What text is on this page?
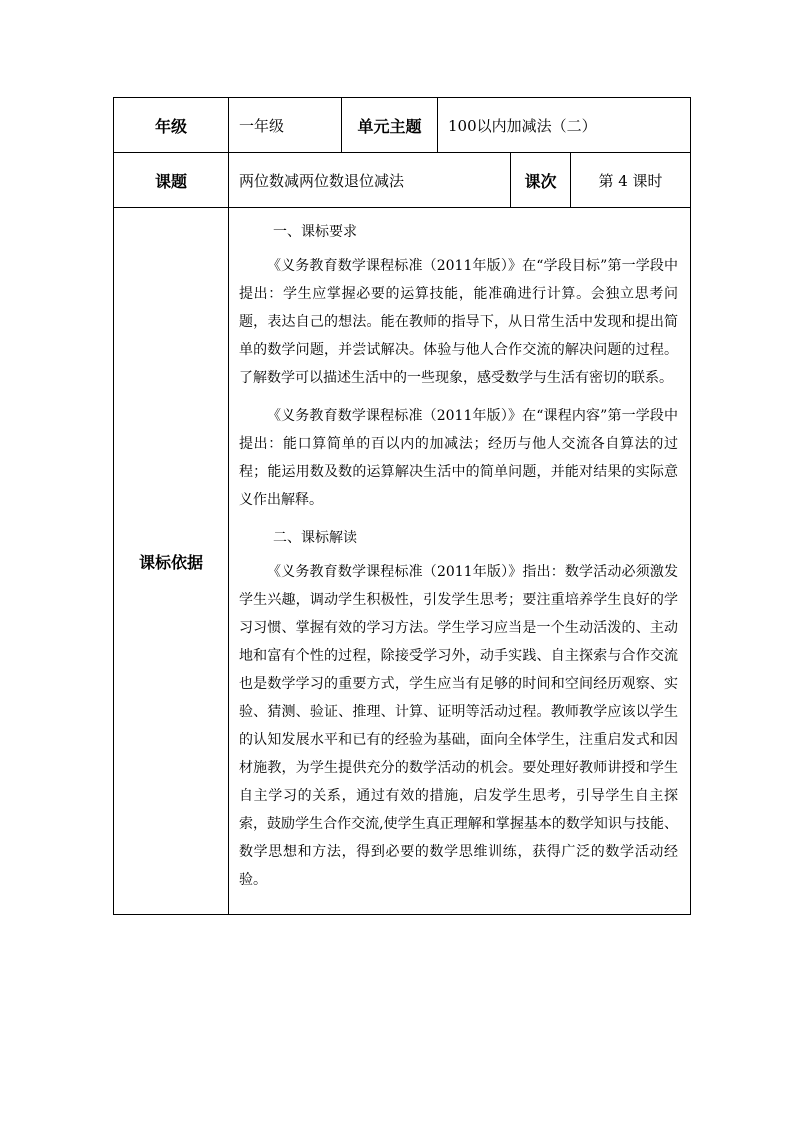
年级	一年级	单元主题	100以内加减法（二）		
课题	两位数减两位数退位减法			课次	第 4 课时
课标依据	一、课标要求

《义务教育数学课程标准（2011年版）》在“学段目标”第一学段中提出：学生应掌握必要的运算技能，能准确进行计算。会独立思考问题，表达自己的想法。能在教师的指导下，从日常生活中发现和提出简单的数学问题，并尝试解决。体验与他人合作交流的解决问题的过程。了解数学可以描述生活中的一些现象，感受数学与生活有密切的联系。

《义务教育数学课程标准（2011年版）》在“课程内容”第一学段中提出：能口算简单的百以内的加减法；经历与他人交流各自算法的过程；能运用数及数的运算解决生活中的简单问题，并能对结果的实际意义作出解释。

二、课标解读

《义务教育数学课程标准（2011年版）》指出：数学活动必须激发学生兴趣，调动学生积极性，引发学生思考；要注重培养学生良好的学习习惯、掌握有效的学习方法。学生学习应当是一个生动活泼的、主动地和富有个性的过程，除接受学习外，动手实践、自主探索与合作交流也是数学学习的重要方式，学生应当有足够的时间和空间经历观察、实验、猜测、验证、推理、计算、证明等活动过程。教师教学应该以学生的认知发展水平和已有的经验为基础，面向全体学生，注重启发式和因材施教，为学生提供充分的数学活动的机会。要处理好教师讲授和学生自主学习的关系，通过有效的措施，启发学生思考，引导学生自主探索，鼓励学生合作交流,使学生真正理解和掌握基本的数学知识与技能、数学思想和方法，得到必要的数学思维训练，获得广泛的数学活动经验。				
